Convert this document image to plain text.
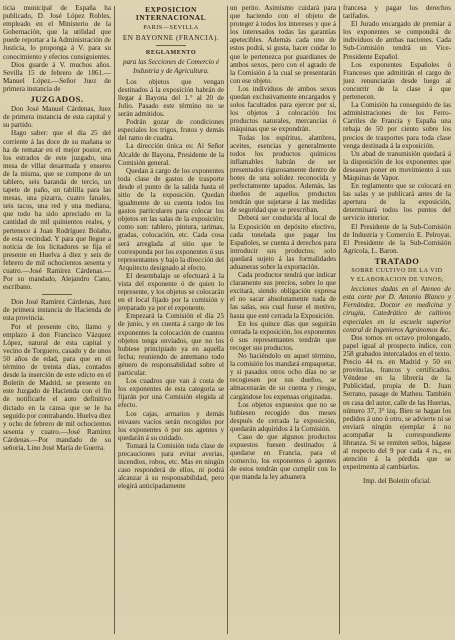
ticia municipal de España ha publicado, D. José López Robles, empleado en el Ministerio de la Gobernación, que la utilidad que puede reportar a la Administración de Justicia, lo proponga á V. para su conocimiento y efectos consiguientes.

Dios guarde á V. muchos años. Sevilla 15 de febrero de 1861.—Manuel López.—Señor Juez de primera instancia de

JUZGADOS.

Don José Manuel Cárdenas, Juez de primera instancia de esta capital y su partido.

Hago saber: que el día 25 del corriente á las doce de su mañana se ha de rematar en el mejor postor, en los estrados de este juzgado, una mesa de villar desarmada y enseres de la misma, que se compone de un tablero, seis baranda de tercio, un tapete de paño, un tablilla para las mesas, una pizarra, cuatro fanales, seis tacos, una red y una mediana, que todo ha sido apreciado en la cantidad de mil quinientos reales, y pertenece á Juan Rodríguez Bolaño, de esta vecindad. Y para que llegue a noticia de los licitadores se fija el presente en Huelva á diez y seis de febrero de mil ochocientos sesenta y cuatro.—José Ramírez Cárdenas.—Por su mandado, Alejandro Cano, escribano.

Don José Ramírez Cárdenas, Juez de primera instancia de Hacienda de esta provincia.

Por el presente cito, llamo y emplazo á don Francisco Vázquez López, natural de esta capital y vecino de Torguero, casado y de unos 50 años de edad, para que en el término de treinta días, contados desde la inserción de este edicto en el Boletín de Madrid, se presente en este Juzgado de Hacienda con el fin de notificarle el auto definitivo dictado en la causa que se le ha seguido por contrabando. Huelva diez y ocho de febrero de mil ochocientos sesenta y cuatro.—José Ramírez Cárdenas.—Por mandado de su señoría, Lino José María de Guerra.

EXPOSICION INTERNACIONAL
PARIS—SEVILLA
EN BAYONNE (FRANCIA).
REGLAMENTO

para las Secciones de Comercio é Industria y de Agricultura.

Los objetos que vengan destinados á la exposición habrán de llegar á Bayona del 1.° al 20 de Julio. Pasado este término no se serán admitidos.

Podrán gozar de condiciones especiales los trigos, frutos y demás del ramo de cuadra.

La dirección única es: Al Señor Alcalde de Bayona, Presidente de la Comisión general.

Quedan á cargo de los exponentes toda clase de gastos de trasporte desde el punto de la salida hasta el sitio de la exposición. Quedan igualmente de su cuenta todos los gastos particulares para colocar los objetos en las salas de la exposición; como son: tablero, pintura, tarimas, gradas, colocación, etc. Cada cosa será arreglada al sitio que le corresponda por los exponentes ó sus representantes y bajo la dirección del Arquitecto designado al efecto.

El desembalaje se efectuará á la vista del exponente ó de quien lo represente, y los objetos se colocarán en el local fijado por la comisión y preparado ya por el exponente.

Empezará la Comisión el día 25 de junio, y en cuenta á cargo de los exponentes la colocación de cuantos objetos tenga envíados, que no los hubiese principiado ya en aquella fecha; reuniendo de antemano todo género de responsabilidad sobre el particular.

Los cuadros que van á costa de los exponentes de esta categoría se fijarán por una Comisión elegida al efecto.

Los cajas, armarios y demás envases vacíos serán recogidos por los exponentes ó por sus agentes y quedarán á su cuidado.

Tomará la Comisión toda clase de precauciones para evitar averías, incendios, robos, etc. Mas en ningún caso responderá de ellos, ni podrá alcanzar á su responsabilidad, pero elegirá anticipadamente

un perito. Asimismo cuidará para que haciendo con el objeto de proteger á todos los intereses y que á los interesados todas las garantías apetecibles. Además cada uno de estos podrá, si gusta, hacer cuidar lo que le pertenezca por guardianes de ambos sexos, pero con el agrado de la Comisión á la cual se presentarán con ese objeto.

Los individuos de ambos sexos quedan exclusivamente encargados y solos facultados para ejercer por sí, los objetos á colocación los productos naturales, mercancías ó máquinas que se expondrán.

Todas los espíritus, alambres, aceites, esencias y generalmente todos los productos químicos inflamables habrán de ser presentados rigurosamente dentro de botes de una solidez reconocida y perfectamente tapados. Además, las dueños de aquellos productos tendrán que sujetarse á las medidas de seguridad que se prescriban.

Deberá ser conducida al local de la Exposición en depósito efectivo, cada tonelada que pagar los Españoles, se cuenta á derechos para introducir sus productos; solo quedará sujeto á las formalidades aduaneras sobre la exportación.

Cada productor tendrá que indicar claramente sus precios, sobre lo que excitará, siendo obligación expresa el no sacar absolutamente nada de las salas, sea cual fuese el motivo, hasta que esté cerrada la Exposición.

En los quince días que seguirán cerrada la exposición, los exponentes ó sus representantes tendrán que recoger sus productos.

No haciéndolo en aquel término, la comisión los mandará empaquetar, y si pasados otros ocho días no se recogiesen por sus dueños, se almacenarán de su cuenta y riesgo, cargándose los expensas originadas.

Los objetos expuestos que no se hubiesen recogido dos meses después de cerrada la exposición, quedarán adquiridos á la Comisión.

Caso de que algunos productos expuestos fuesen destinados á quedarse en Francia, para el comercio, los exponentes ó agentes de estos tendrán que cumplir con lo que manda la ley aduanera

francesa y pagar los derechos tarifados.

El Jurado encargado de premiar á los exponentes se compondrá de individuos de ambas naciones. Cada Sub-Comisión tendrá un Vice-Presidente Español.

Los exponentes Españoles ó Franceses que admitirán el cargo de juez renunciarán desde luego al concurrir de la clase á que pertenecen.

La Comisión ha conseguido de las administraciones de los Ferro-Carriles de Francia y España una rebaja de 50 por ciento sobre los precios de trasportes para toda clase venga destinada á la exposición.

Un abad de transmisión quedará á la disposición de los exponentes que deseasen poner en movimiento á sus Máquinas de Vapor.

En reglamento que se colocará en las salas y se publicará antes de la apertura de la exposición, determinará todos los puntos del servicio interior.

El Presidente de la Sub-Comisión de Industria y Comercio E. Pelroyat. El Presidente de la Sub-Comisión Agrícola, L. Baron.

TRATADO
SOBRE CULTIVO DE LA VID
Y ELABORACION DE VINOS;

lecciones dadas en el Ateneo de esta corte por D. Antonio Blanco y Fernández, Doctor en medicina y cirugía, Catedrático de cultivos especiales en la escuela superior central de Ingenieros Agrónomos &c.

Dos tomos en octavo prolongado, papel igual al prospecto índice, con 258 grabados intercalados en el texto. Precio 44 rs. en Madrid y 50 en provincias, francos y certificados. Véndese en la librería de la Publicidad, propia de D. Juan Serrano, pasage de Matheu. También en casa del autor, calle de las Huertas, número 37, 3° izq. Bien se hagan los pedidos á uno ú otro, se advierte ni se enviará ningún ejemplar á no acompañar la correspondiente libranza. Si se remiten sellos, hágase al respecto del 9 por cada 4 rs., en atención á la pérdida que se experimenta al cambiarlos.

Imp. del Boletín oficial.
